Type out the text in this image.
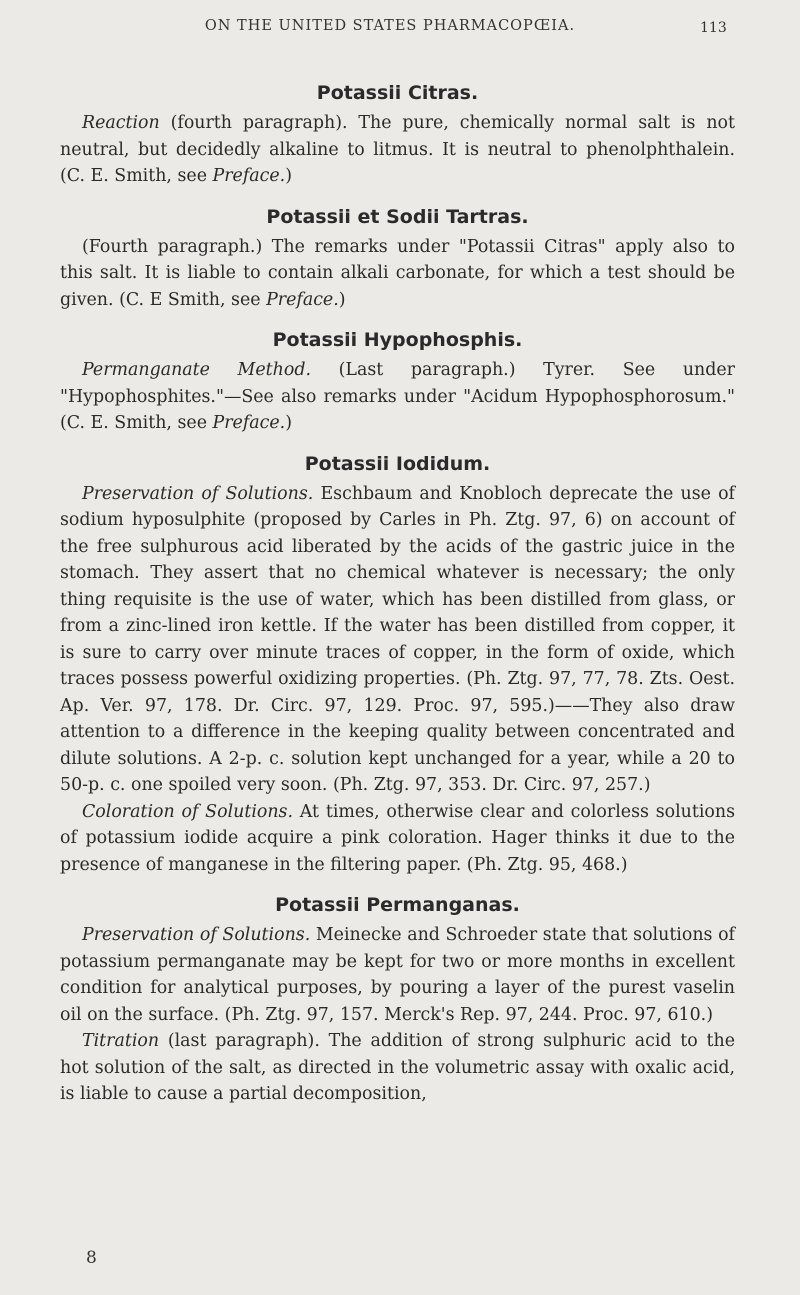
ON THE UNITED STATES PHARMACOPŒIA.	113
Potassii Citras.

Reaction (fourth paragraph). The pure, chemically normal salt is not neutral, but decidedly alkaline to litmus. It is neutral to phenolphthalein. (C. E. Smith, see Preface.)

Potassii et Sodii Tartras.

(Fourth paragraph.) The remarks under "Potassii Citras" apply also to this salt. It is liable to contain alkali carbonate, for which a test should be given. (C. E Smith, see Preface.)

Potassii Hypophosphis.

Permanganate Method. (Last paragraph.) Tyrer. See under "Hypophosphites."—See also remarks under "Acidum Hypophosphorosum." (C. E. Smith, see Preface.)

Potassii Iodidum.

Preservation of Solutions. Eschbaum and Knobloch deprecate the use of sodium hyposulphite (proposed by Carles in Ph. Ztg. 97, 6) on account of the free sulphurous acid liberated by the acids of the gastric juice in the stomach. They assert that no chemical whatever is necessary; the only thing requisite is the use of water, which has been distilled from glass, or from a zinc-lined iron kettle. If the water has been distilled from copper, it is sure to carry over minute traces of copper, in the form of oxide, which traces possess powerful oxidizing properties. (Ph. Ztg. 97, 77, 78. Zts. Oest. Ap. Ver. 97, 178. Dr. Circ. 97, 129. Proc. 97, 595.)——They also draw attention to a difference in the keeping quality between concentrated and dilute solutions. A 2-p. c. solution kept unchanged for a year, while a 20 to 50-p. c. one spoiled very soon. (Ph. Ztg. 97, 353. Dr. Circ. 97, 257.)

Coloration of Solutions. At times, otherwise clear and colorless solutions of potassium iodide acquire a pink coloration. Hager thinks it due to the presence of manganese in the filtering paper. (Ph. Ztg. 95, 468.)

Potassii Permanganas.

Preservation of Solutions. Meinecke and Schroeder state that solutions of potassium permanganate may be kept for two or more months in excellent condition for analytical purposes, by pouring a layer of the purest vaselin oil on the surface. (Ph. Ztg. 97, 157. Merck's Rep. 97, 244. Proc. 97, 610.)

Titration (last paragraph). The addition of strong sulphuric acid to the hot solution of the salt, as directed in the volumetric assay with oxalic acid, is liable to cause a partial decomposition,

8
